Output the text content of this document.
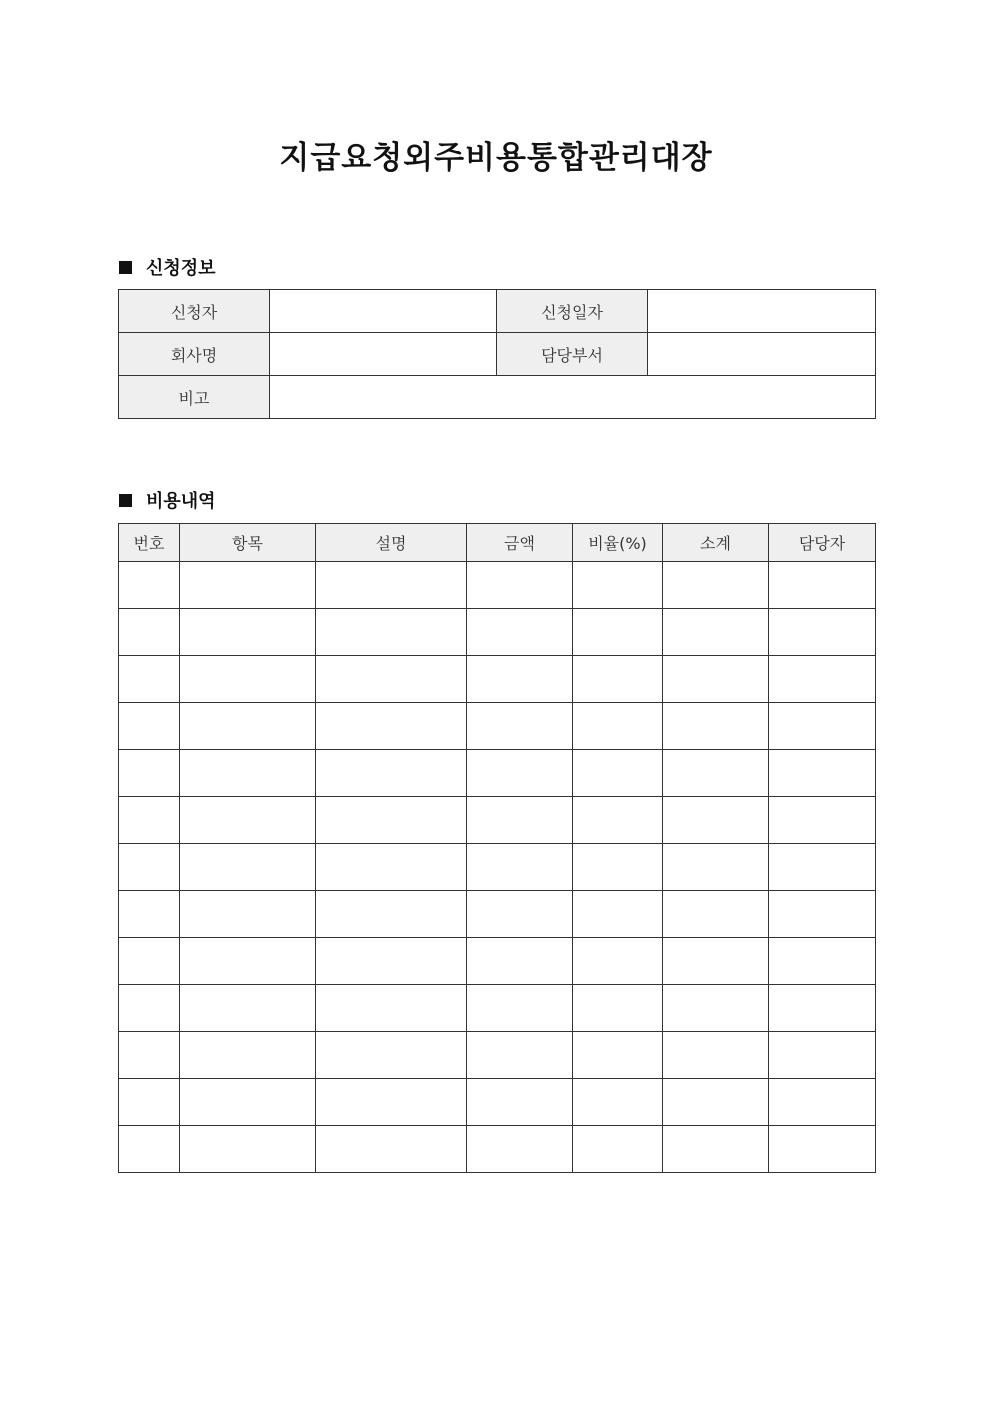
지급요청외주비용통합관리대장
신청정보
신청자		신청일자	
회사명		담당부서	
비고			
비용내역
번호	항목	설명	금액	비율(%)	소계	담당자
